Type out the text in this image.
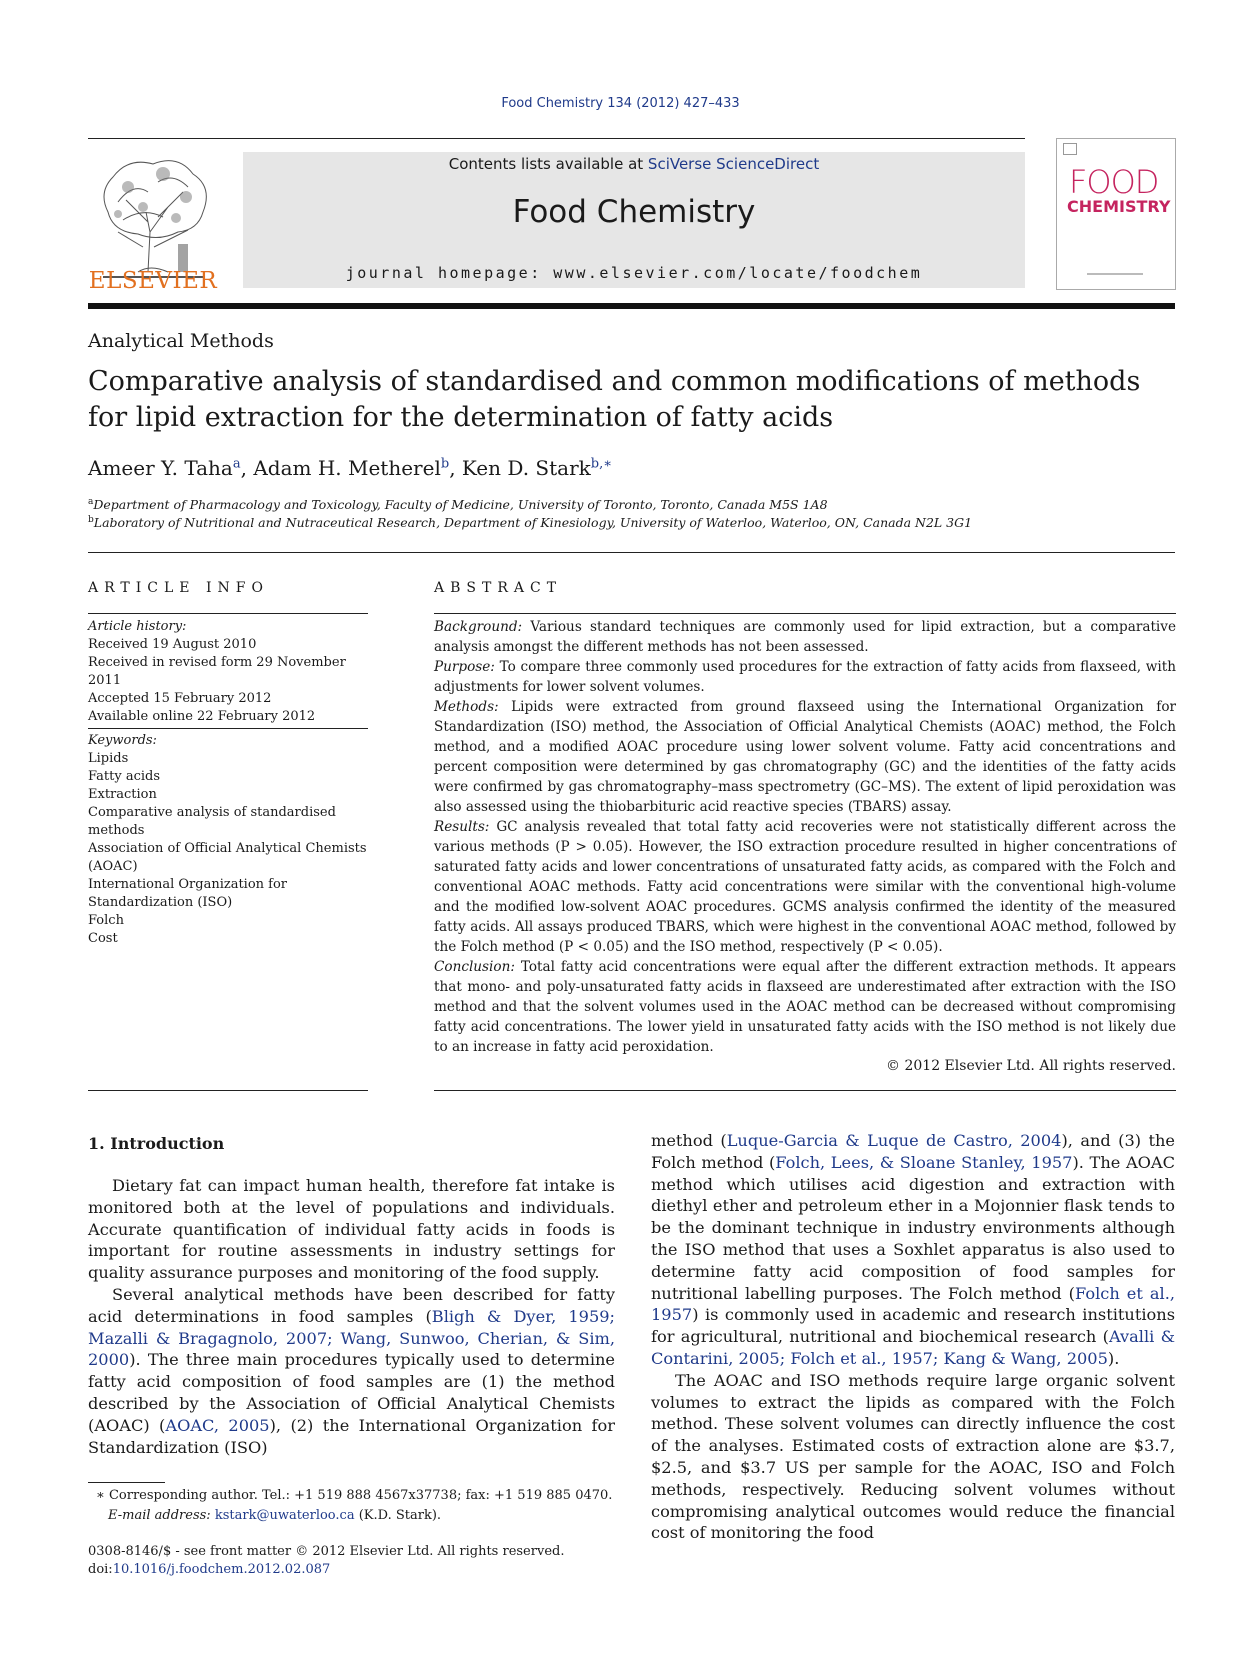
Food Chemistry 134 (2012) 427–433
ELSEVIER
Contents lists available at SciVerse ScienceDirect
Food Chemistry
journal homepage: www.elsevier.com/locate/foodchem
FOOD
CHEMISTRY
Analytical Methods
Comparative analysis of standardised and common modifications of methods
for lipid extraction for the determination of fatty acids
Ameer Y. Taha$^a$, Adam H. Metherel$^b$, Ken D. Stark$^{b,∗}$
$^a$Department of Pharmacology and Toxicology, Faculty of Medicine, University of Toronto, Toronto, Canada M5S 1A8
$^b$Laboratory of Nutritional and Nutraceutical Research, Department of Kinesiology, University of Waterloo, Waterloo, ON, Canada N2L 3G1
ARTICLE INFO
Article history:
Received 19 August 2010
Received in revised form 29 November 2011
Accepted 15 February 2012
Available online 22 February 2012
Keywords:
Lipids
Fatty acids
Extraction
Comparative analysis of standardised
methods
Association of Official Analytical Chemists
(AOAC)
International Organization for
Standardization (ISO)
Folch
Cost
ABSTRACT
Background: Various standard techniques are commonly used for lipid extraction, but a comparative analysis amongst the different methods has not been assessed.
Purpose: To compare three commonly used procedures for the extraction of fatty acids from flaxseed, with adjustments for lower solvent volumes.
Methods: Lipids were extracted from ground flaxseed using the International Organization for Standardization (ISO) method, the Association of Official Analytical Chemists (AOAC) method, the Folch method, and a modified AOAC procedure using lower solvent volume. Fatty acid concentrations and percent composition were determined by gas chromatography (GC) and the identities of the fatty acids were confirmed by gas chromatography–mass spectrometry (GC–MS). The extent of lipid peroxidation was also assessed using the thiobarbituric acid reactive species (TBARS) assay.
Results: GC analysis revealed that total fatty acid recoveries were not statistically different across the various methods (P > 0.05). However, the ISO extraction procedure resulted in higher concentrations of saturated fatty acids and lower concentrations of unsaturated fatty acids, as compared with the Folch and conventional AOAC methods. Fatty acid concentrations were similar with the conventional high-volume and the modified low-solvent AOAC procedures. GCMS analysis confirmed the identity of the measured fatty acids. All assays produced TBARS, which were highest in the conventional AOAC method, followed by the Folch method (P < 0.05) and the ISO method, respectively (P < 0.05).
Conclusion: Total fatty acid concentrations were equal after the different extraction methods. It appears that mono- and poly-unsaturated fatty acids in flaxseed are underestimated after extraction with the ISO method and that the solvent volumes used in the AOAC method can be decreased without compromising fatty acid concentrations. The lower yield in unsaturated fatty acids with the ISO method is not likely due to an increase in fatty acid peroxidation.
© 2012 Elsevier Ltd. All rights reserved.
1. Introduction

Dietary fat can impact human health, therefore fat intake is monitored both at the level of populations and individuals. Accurate quantification of individual fatty acids in foods is important for routine assessments in industry settings for quality assurance purposes and monitoring of the food supply.

Several analytical methods have been described for fatty acid determinations in food samples (Bligh & Dyer, 1959; Mazalli & Bragagnolo, 2007; Wang, Sunwoo, Cherian, & Sim, 2000). The three main procedures typically used to determine fatty acid composition of food samples are (1) the method described by the Association of Official Analytical Chemists (AOAC) (AOAC, 2005), (2) the International Organization for Standardization (ISO)

method (Luque-Garcia & Luque de Castro, 2004), and (3) the Folch method (Folch, Lees, & Sloane Stanley, 1957). The AOAC method which utilises acid digestion and extraction with diethyl ether and petroleum ether in a Mojonnier flask tends to be the dominant technique in industry environments although the ISO method that uses a Soxhlet apparatus is also used to determine fatty acid composition of food samples for nutritional labelling purposes. The Folch method (Folch et al., 1957) is commonly used in academic and research institutions for agricultural, nutritional and biochemical research (Avalli & Contarini, 2005; Folch et al., 1957; Kang & Wang, 2005).

The AOAC and ISO methods require large organic solvent volumes to extract the lipids as compared with the Folch method. These solvent volumes can directly influence the cost of the analyses. Estimated costs of extraction alone are $3.7, $2.5, and $3.7 US per sample for the AOAC, ISO and Folch methods, respectively. Reducing solvent volumes without compromising analytical outcomes would reduce the financial cost of monitoring the food

∗ Corresponding author. Tel.: +1 519 888 4567x37738; fax: +1 519 885 0470.
E-mail address: kstark@uwaterloo.ca (K.D. Stark).
0308-8146/$ - see front matter © 2012 Elsevier Ltd. All rights reserved.
doi:10.1016/j.foodchem.2012.02.087
